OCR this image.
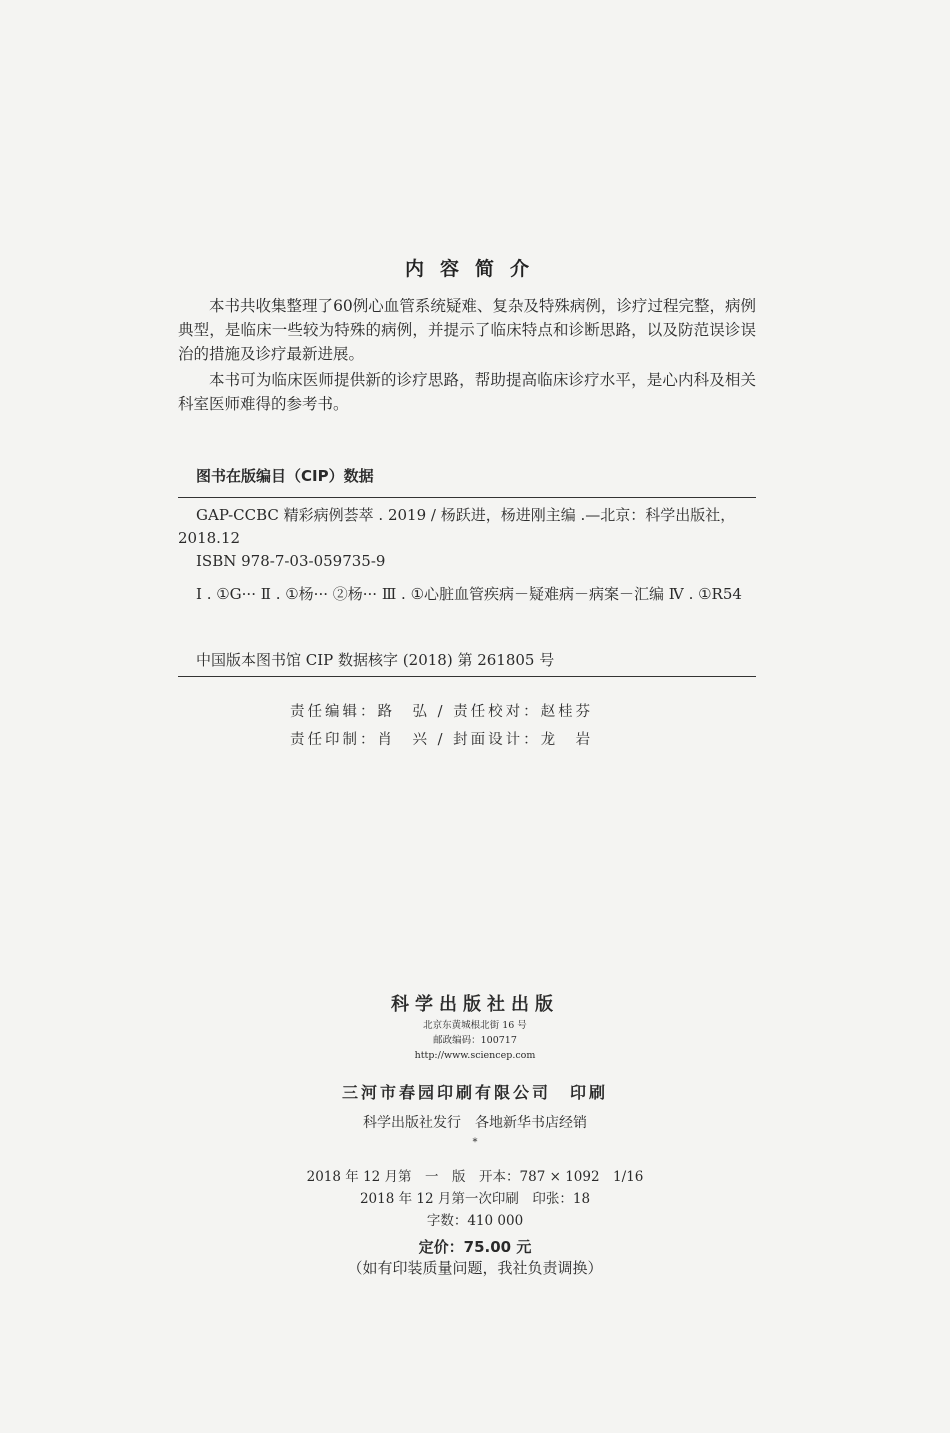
内容简介

本书共收集整理了60例心血管系统疑难、复杂及特殊病例，诊疗过程完整，病例典型，是临床一些较为特殊的病例，并提示了临床特点和诊断思路，以及防范误诊误治的措施及诊疗最新进展。

本书可为临床医师提供新的诊疗思路，帮助提高临床诊疗水平，是心内科及相关科室医师难得的参考书。

图书在版编目（CIP）数据
GAP-CCBC 精彩病例荟萃 . 2019 / 杨跃进，杨进刚主编 .—北京：科学出版社，2018.12
ISBN 978-7-03-059735-9
Ⅰ . ①G··· Ⅱ . ①杨··· ②杨··· Ⅲ . ①心脏血管疾病－疑难病－病案－汇编 Ⅳ . ①R54
中国版本图书馆 CIP 数据核字 (2018) 第 261805 号
责任编辑：路　弘 / 责任校对：赵桂芬
责任印制：肖　兴 / 封面设计：龙　岩
科学出版社出版
北京东黄城根北街 16 号
邮政编码：100717
http://www.sciencep.com
三河市春园印刷有限公司　印刷
科学出版社发行　各地新华书店经销
*
2018 年 12 月第　一　版　开本：787 × 1092　1/16
2018 年 12 月第一次印刷　印张：18
字数：410 000
定价：75.00 元
（如有印装质量问题，我社负责调换）
